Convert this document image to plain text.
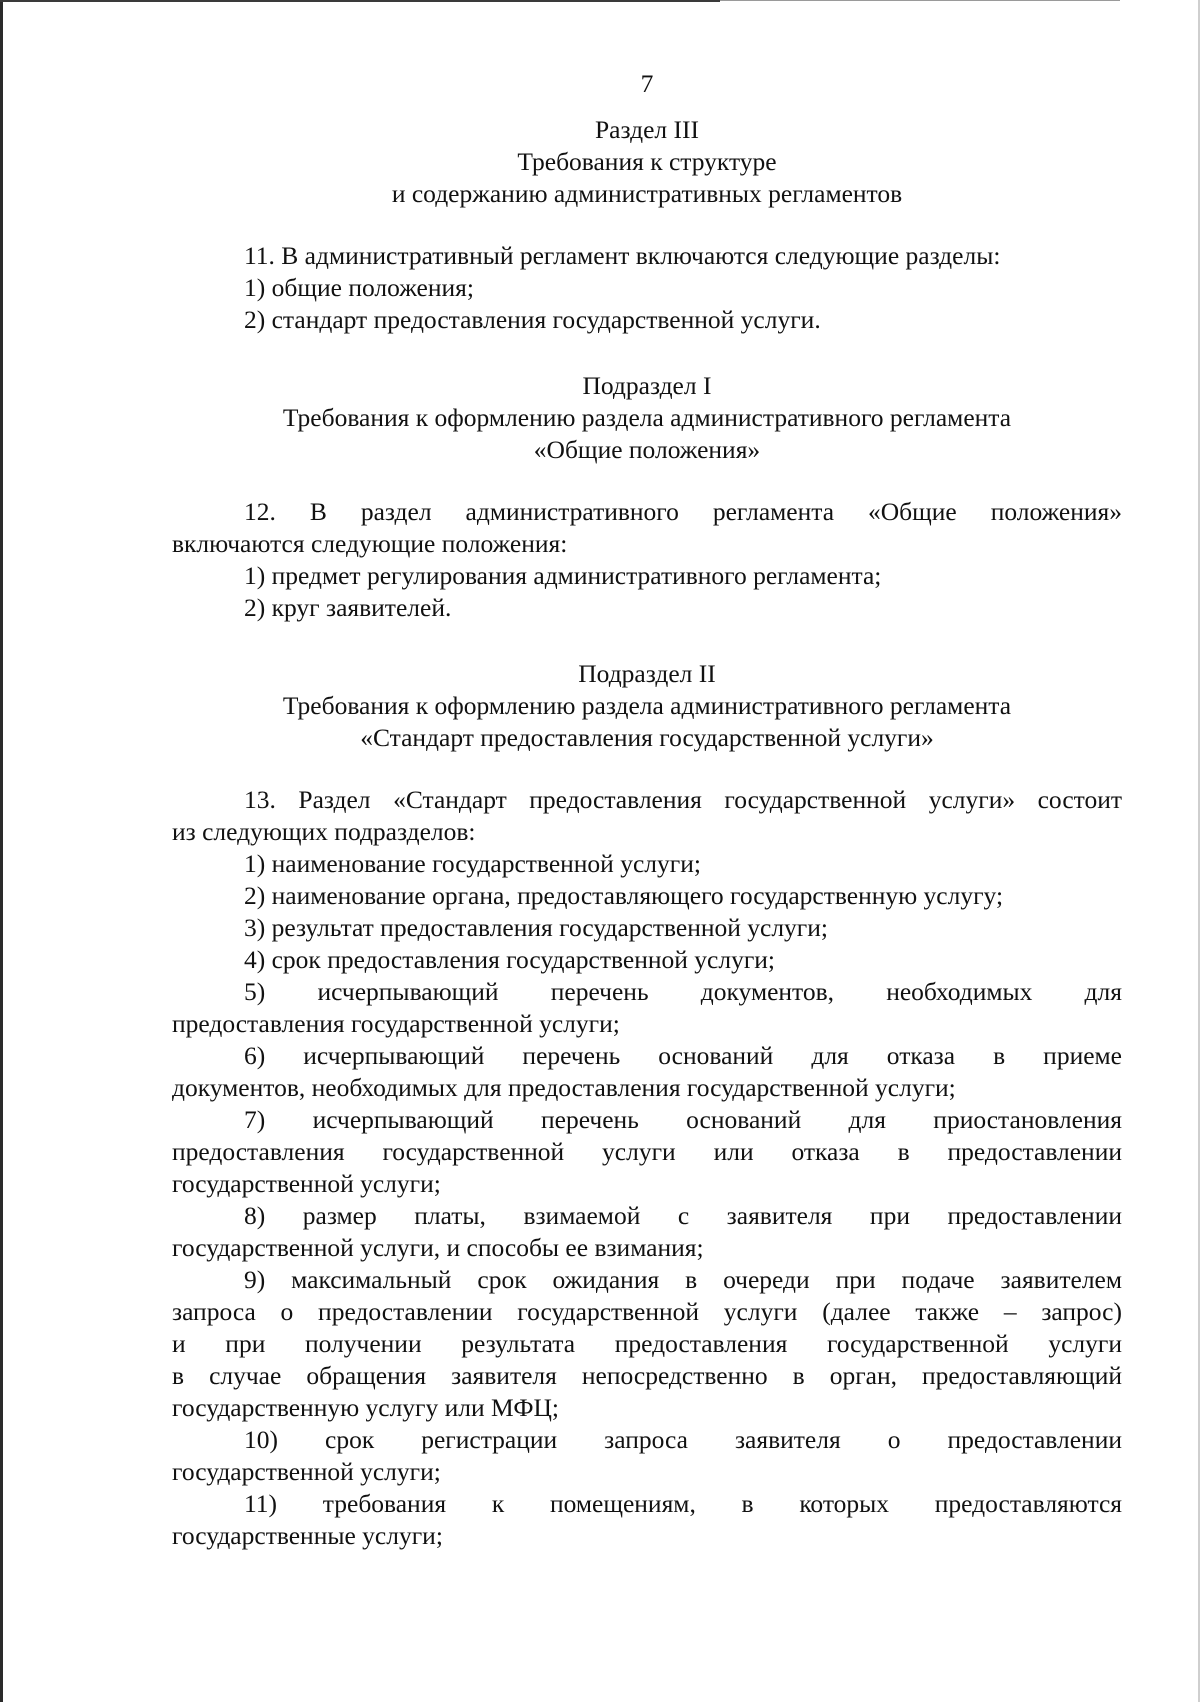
7

Раздел III

Требования к структуре

и содержанию административных регламентов

11. В административный регламент включаются следующие разделы:

1) общие положения;

2) стандарт предоставления государственной услуги.

Подраздел I

Требования к оформлению раздела административного регламента

«Общие положения»

12. В раздел административного регламента «Общие положения»

включаются следующие положения:

1) предмет регулирования административного регламента;

2) круг заявителей.

Подраздел II

Требования к оформлению раздела административного регламента

«Стандарт предоставления государственной услуги»

13. Раздел «Стандарт предоставления государственной услуги» состоит

из следующих подразделов:

1) наименование государственной услуги;

2) наименование органа, предоставляющего государственную услугу;

3) результат предоставления государственной услуги;

4) срок предоставления государственной услуги;

5) исчерпывающий перечень документов, необходимых для

предоставления государственной услуги;

6) исчерпывающий перечень оснований для отказа в приеме

документов, необходимых для предоставления государственной услуги;

7) исчерпывающий перечень оснований для приостановления

предоставления государственной услуги или отказа в предоставлении

государственной услуги;

8) размер платы, взимаемой с заявителя при предоставлении

государственной услуги, и способы ее взимания;

9) максимальный срок ожидания в очереди при подаче заявителем

запроса о предоставлении государственной услуги (далее также – запрос)

и при получении результата предоставления государственной услуги

в случае обращения заявителя непосредственно в орган, предоставляющий

государственную услугу или МФЦ;

10) срок регистрации запроса заявителя о предоставлении

государственной услуги;

11) требования к помещениям, в которых предоставляются

государственные услуги;
